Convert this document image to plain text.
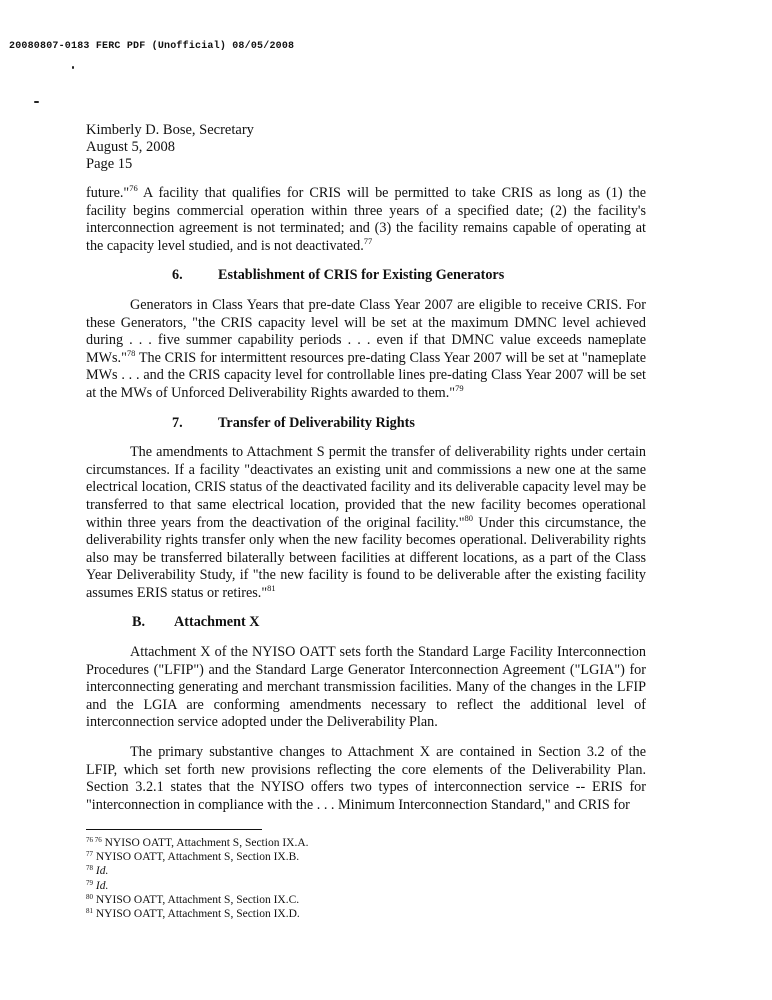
20080807-0183 FERC PDF (Unofficial) 08/05/2008
Kimberly D. Bose, Secretary
August 5, 2008
Page 15

future."$^{76}$ A facility that qualifies for CRIS will be permitted to take CRIS as long as (1) the facility begins commercial operation within three years of a specified date; (2) the facility's interconnection agreement is not terminated; and (3) the facility remains capable of operating at the capacity level studied, and is not deactivated.$^{77}$

6. Establishment of CRIS for Existing Generators

Generators in Class Years that pre-date Class Year 2007 are eligible to receive CRIS. For these Generators, "the CRIS capacity level will be set at the maximum DMNC level achieved during . . . five summer capability periods . . . even if that DMNC value exceeds nameplate MWs."$^{78}$ The CRIS for intermittent resources pre-dating Class Year 2007 will be set at "nameplate MWs . . . and the CRIS capacity level for controllable lines pre-dating Class Year 2007 will be set at the MWs of Unforced Deliverability Rights awarded to them."$^{79}$

7. Transfer of Deliverability Rights

The amendments to Attachment S permit the transfer of deliverability rights under certain circumstances. If a facility "deactivates an existing unit and commissions a new one at the same electrical location, CRIS status of the deactivated facility and its deliverable capacity level may be transferred to that same electrical location, provided that the new facility becomes operational within three years from the deactivation of the original facility."$^{80}$ Under this circumstance, the deliverability rights transfer only when the new facility becomes operational. Deliverability rights also may be transferred bilaterally between facilities at different locations, as a part of the Class Year Deliverability Study, if "the new facility is found to be deliverable after the existing facility assumes ERIS status or retires."$^{81}$

B. Attachment X

Attachment X of the NYISO OATT sets forth the Standard Large Facility Interconnection Procedures ("LFIP") and the Standard Large Generator Interconnection Agreement ("LGIA") for interconnecting generating and merchant transmission facilities. Many of the changes in the LFIP and the LGIA are conforming amendments necessary to reflect the additional level of interconnection service adopted under the Deliverability Plan.

The primary substantive changes to Attachment X are contained in Section 3.2 of the LFIP, which set forth new provisions reflecting the core elements of the Deliverability Plan. Section 3.2.1 states that the NYISO offers two types of interconnection service -- ERIS for "interconnection in compliance with the . . . Minimum Interconnection Standard," and CRIS for

$^{76 76}$ NYISO OATT, Attachment S, Section IX.A.
$^{77}$ NYISO OATT, Attachment S, Section IX.B.
$^{78}$ Id.
$^{79}$ Id.
$^{80}$ NYISO OATT, Attachment S, Section IX.C.
$^{81}$ NYISO OATT, Attachment S, Section IX.D.
